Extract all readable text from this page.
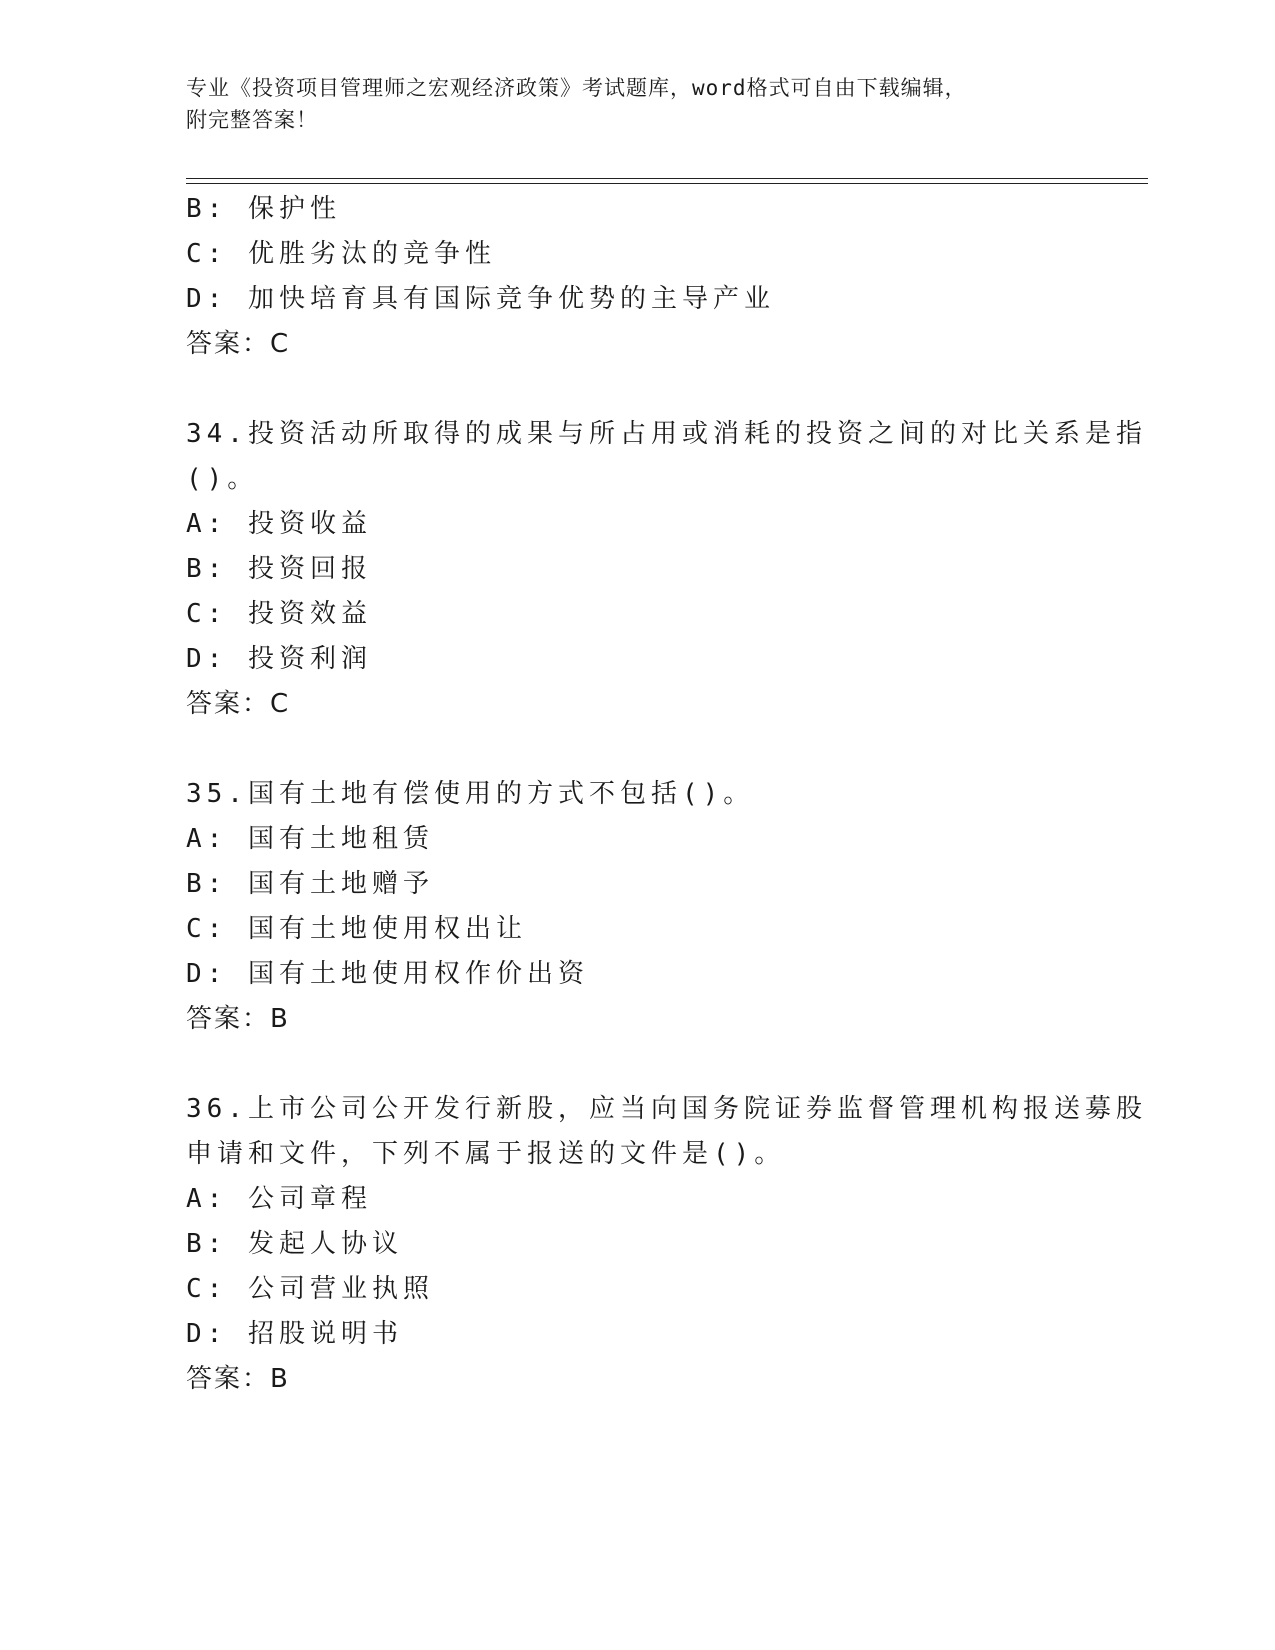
专业《投资项目管理师之宏观经济政策》考试题库，word格式可自由下载编辑，
附完整答案！
B: 保护性
C: 优胜劣汰的竞争性
D: 加快培育具有国际竞争优势的主导产业
答案：C
34.投资活动所取得的成果与所占用或消耗的投资之间的对比关系是指
()。
A: 投资收益
B: 投资回报
C: 投资效益
D: 投资利润
答案：C
35.国有土地有偿使用的方式不包括()。
A: 国有土地租赁
B: 国有土地赠予
C: 国有土地使用权出让
D: 国有土地使用权作价出资
答案：B
36.上市公司公开发行新股，应当向国务院证券监督管理机构报送募股
申请和文件，下列不属于报送的文件是()。
A: 公司章程
B: 发起人协议
C: 公司营业执照
D: 招股说明书
答案：B
